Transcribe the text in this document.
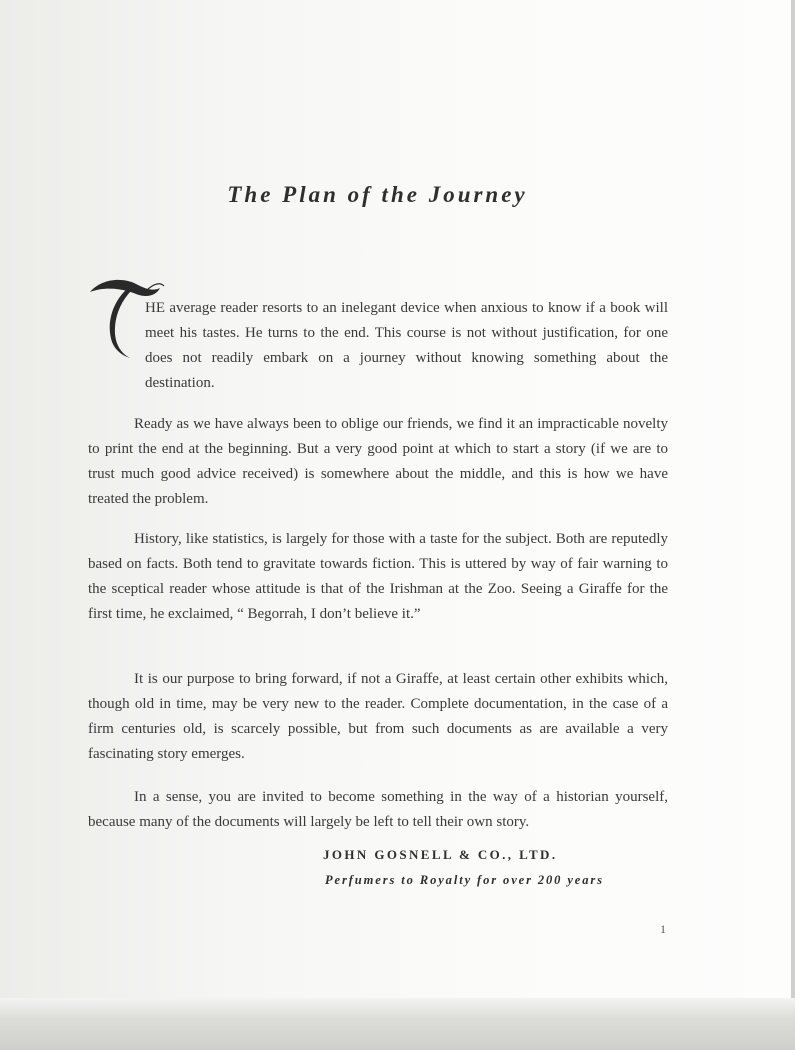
The Plan of the Journey

HE average reader resorts to an inelegant device when anxious to know if a book will meet his tastes. He turns to the end. This course is not without justification, for one does not readily embark on a journey without knowing something about the destination.

Ready as we have always been to oblige our friends, we find it an impracticable novelty to print the end at the beginning. But a very good point at which to start a story (if we are to trust much good advice received) is somewhere about the middle, and this is how we have treated the problem.

History, like statistics, is largely for those with a taste for the subject. Both are reputedly based on facts. Both tend to gravitate towards fiction. This is uttered by way of fair warning to the sceptical reader whose attitude is that of the Irishman at the Zoo. Seeing a Giraffe for the first time, he exclaimed, “ Begorrah, I don’t believe it.”

It is our purpose to bring forward, if not a Giraffe, at least certain other exhibits which, though old in time, may be very new to the reader. Complete documentation, in the case of a firm centuries old, is scarcely possible, but from such documents as are available a very fascinating story emerges.

In a sense, you are invited to become something in the way of a historian yourself, because many of the documents will largely be left to tell their own story.

JOHN GOSNELL & CO., LTD.
Perfumers to Royalty for over 200 years
1
